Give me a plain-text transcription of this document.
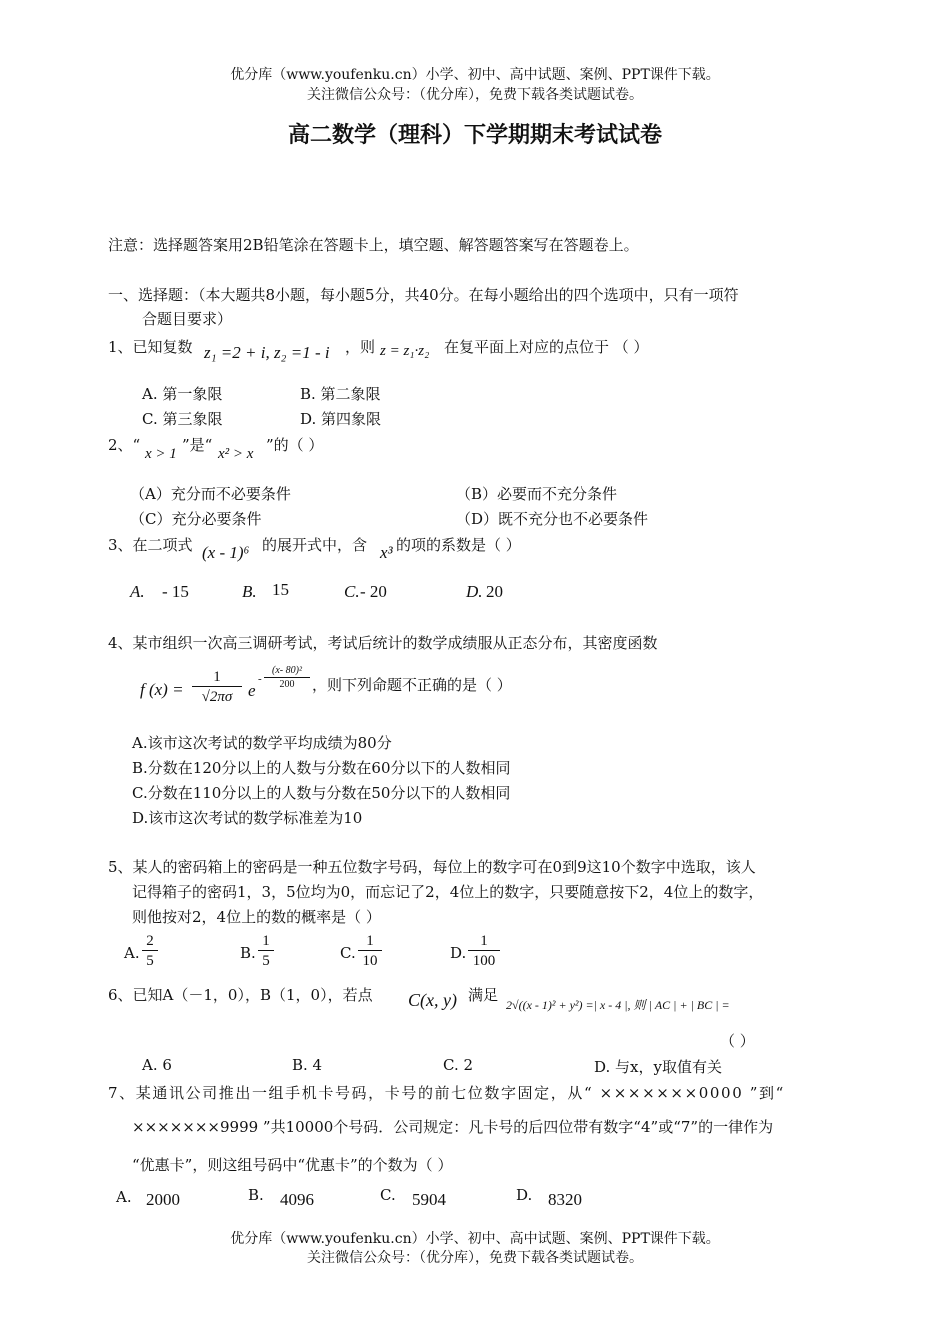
优分库（www.youfenku.cn）小学、初中、高中试题、案例、PPT课件下载。
关注微信公众号：（优分库），免费下载各类试题试卷。
高二数学（理科）下学期期末考试试卷
注意：选择题答案用2B铅笔涂在答题卡上，填空题、解答题答案写在答题卷上。
一、选择题：（本大题共8小题，每小题5分，共40分。在每小题给出的四个选项中，只有一项符
合题目要求）
1、已知复数 z₁ =2 + i, z₂ =1 - i ，则 z = z₁·z₂ 在复平面上对应的点位于 （ ）
A. 第一象限	B. 第二象限
C. 第三象限	D. 第四象限
2、“ x > 1 ”是“ x² > x ”的（ ）
（A）充分而不必要条件	（B）必要而不充分条件
（C）充分必要条件	（D）既不充分也不必要条件
3、在二项式 (x - 1)⁶ 的展开式中，含 x³ 的项的系数是（ ）
A. - 15	B. 15	C. - 20	D. 20
4、某市组织一次高三调研考试，考试后统计的数学成绩服从正态分布，其密度函数
f $(x) = \frac{1}{√2\pi\sigma}$ e
- $\frac{\text{(x- 80)²}}{200}$ ，则下列命题不正确的是（ ）
A.该市这次考试的数学平均成绩为80分
B.分数在120分以上的人数与分数在60分以下的人数相同
C.分数在110分以上的人数与分数在50分以下的人数相同
D.该市这次考试的数学标准差为10
5、某人的密码箱上的密码是一种五位数字号码，每位上的数字可在0到9这10个数字中选取，该人
记得箱子的密码1，3，5位均为0，而忘记了2，4位上的数字，只要随意按下2，4位上的数字，
则他按对2，4位上的数的概率是（ ）
A. $\frac{2}{5}$	B. $\frac{1}{5}$	C. $\frac{1}{10}$	D. $\frac{1}{100}$
6、已知A（－1，0），B（1，0），若点 C(x, y) 满足
2√((x - 1)² + y²) =| x - 4 |, 则 | AC | + | BC | =
（ ）
A. 6	B. 4	C. 2	D. 与x，y取值有关
7、某通讯公司推出一组手机卡号码，卡号的前七位数字固定，从“ ×××××××0000 ”到“
×××××××9999 ”共10000个号码．公司规定：凡卡号的后四位带有数字“4”或“7”的一律作为
“优惠卡”，则这组号码中“优惠卡”的个数为（ ）
A. 2000	B. 4096	C. 5904	D. 8320
优分库（www.youfenku.cn）小学、初中、高中试题、案例、PPT课件下载。
关注微信公众号：（优分库），免费下载各类试题试卷。
